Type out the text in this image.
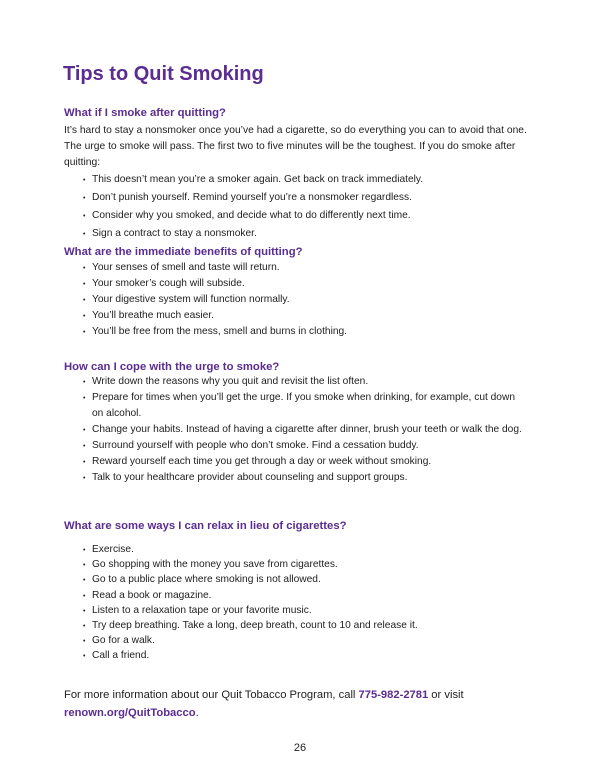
Tips to Quit Smoking
What if I smoke after quitting?

It’s hard to stay a nonsmoker once you’ve had a cigarette, so do everything you can to avoid that one. The urge to smoke will pass. The first two to five minutes will be the toughest. If you do smoke after quitting:

• This doesn’t mean you’re a smoker again. Get back on track immediately.
• Don’t punish yourself. Remind yourself you’re a nonsmoker regardless.
• Consider why you smoked, and decide what to do differently next time.
• Sign a contract to stay a nonsmoker.
What are the immediate benefits of quitting?
• Your senses of smell and taste will return.
• Your smoker’s cough will subside.
• Your digestive system will function normally.
• You’ll breathe much easier.
• You’ll be free from the mess, smell and burns in clothing.
How can I cope with the urge to smoke?
• Write down the reasons why you quit and revisit the list often.
• Prepare for times when you’ll get the urge. If you smoke when drinking, for example, cut down on alcohol.
• Change your habits. Instead of having a cigarette after dinner, brush your teeth or walk the dog.
• Surround yourself with people who don’t smoke. Find a cessation buddy.
• Reward yourself each time you get through a day or week without smoking.
• Talk to your healthcare provider about counseling and support groups.
What are some ways I can relax in lieu of cigarettes?
• Exercise.
• Go shopping with the money you save from cigarettes.
• Go to a public place where smoking is not allowed.
• Read a book or magazine.
• Listen to a relaxation tape or your favorite music.
• Try deep breathing. Take a long, deep breath, count to 10 and release it.
• Go for a walk.
• Call a friend.

For more information about our Quit Tobacco Program, call 775-982-2781 or visit renown.org/QuitTobacco.

26
